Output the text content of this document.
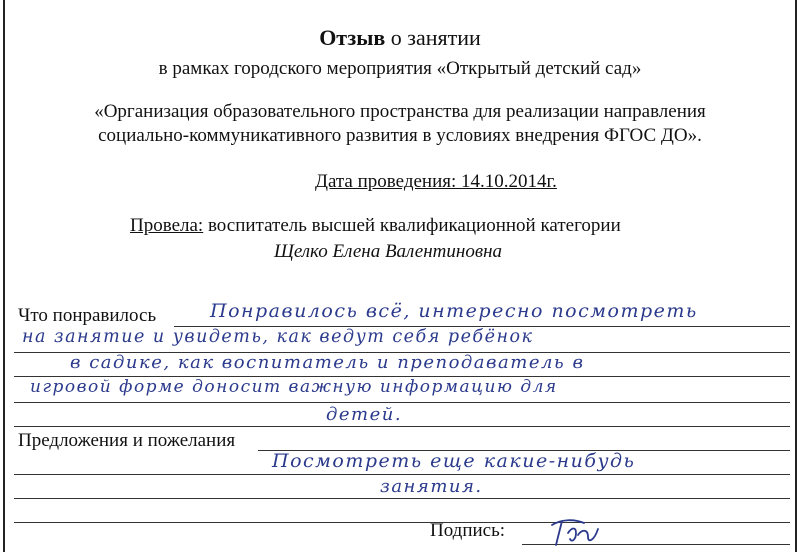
Отзыв о занятии
в рамках городского мероприятия «Открытый детский сад»
«Организация образовательного пространства для реализации направления
социально-коммуникативного развития в условиях внедрения ФГОС ДО».
Дата проведения: 14.10.2014г.
Провела: воспитатель высшей квалификационной категории
Щелко Елена Валентиновна
Что понравилось	Понравилось всё, интересно посмотреть
на занятие и увидеть, как ведут себя ребёнок
в садике, как воспитатель и преподаватель в
игровой форме доносит важную информацию для
детей.
Предложения и пожелания
Посмотреть еще какие-нибудь
занятия.
Подпись:
